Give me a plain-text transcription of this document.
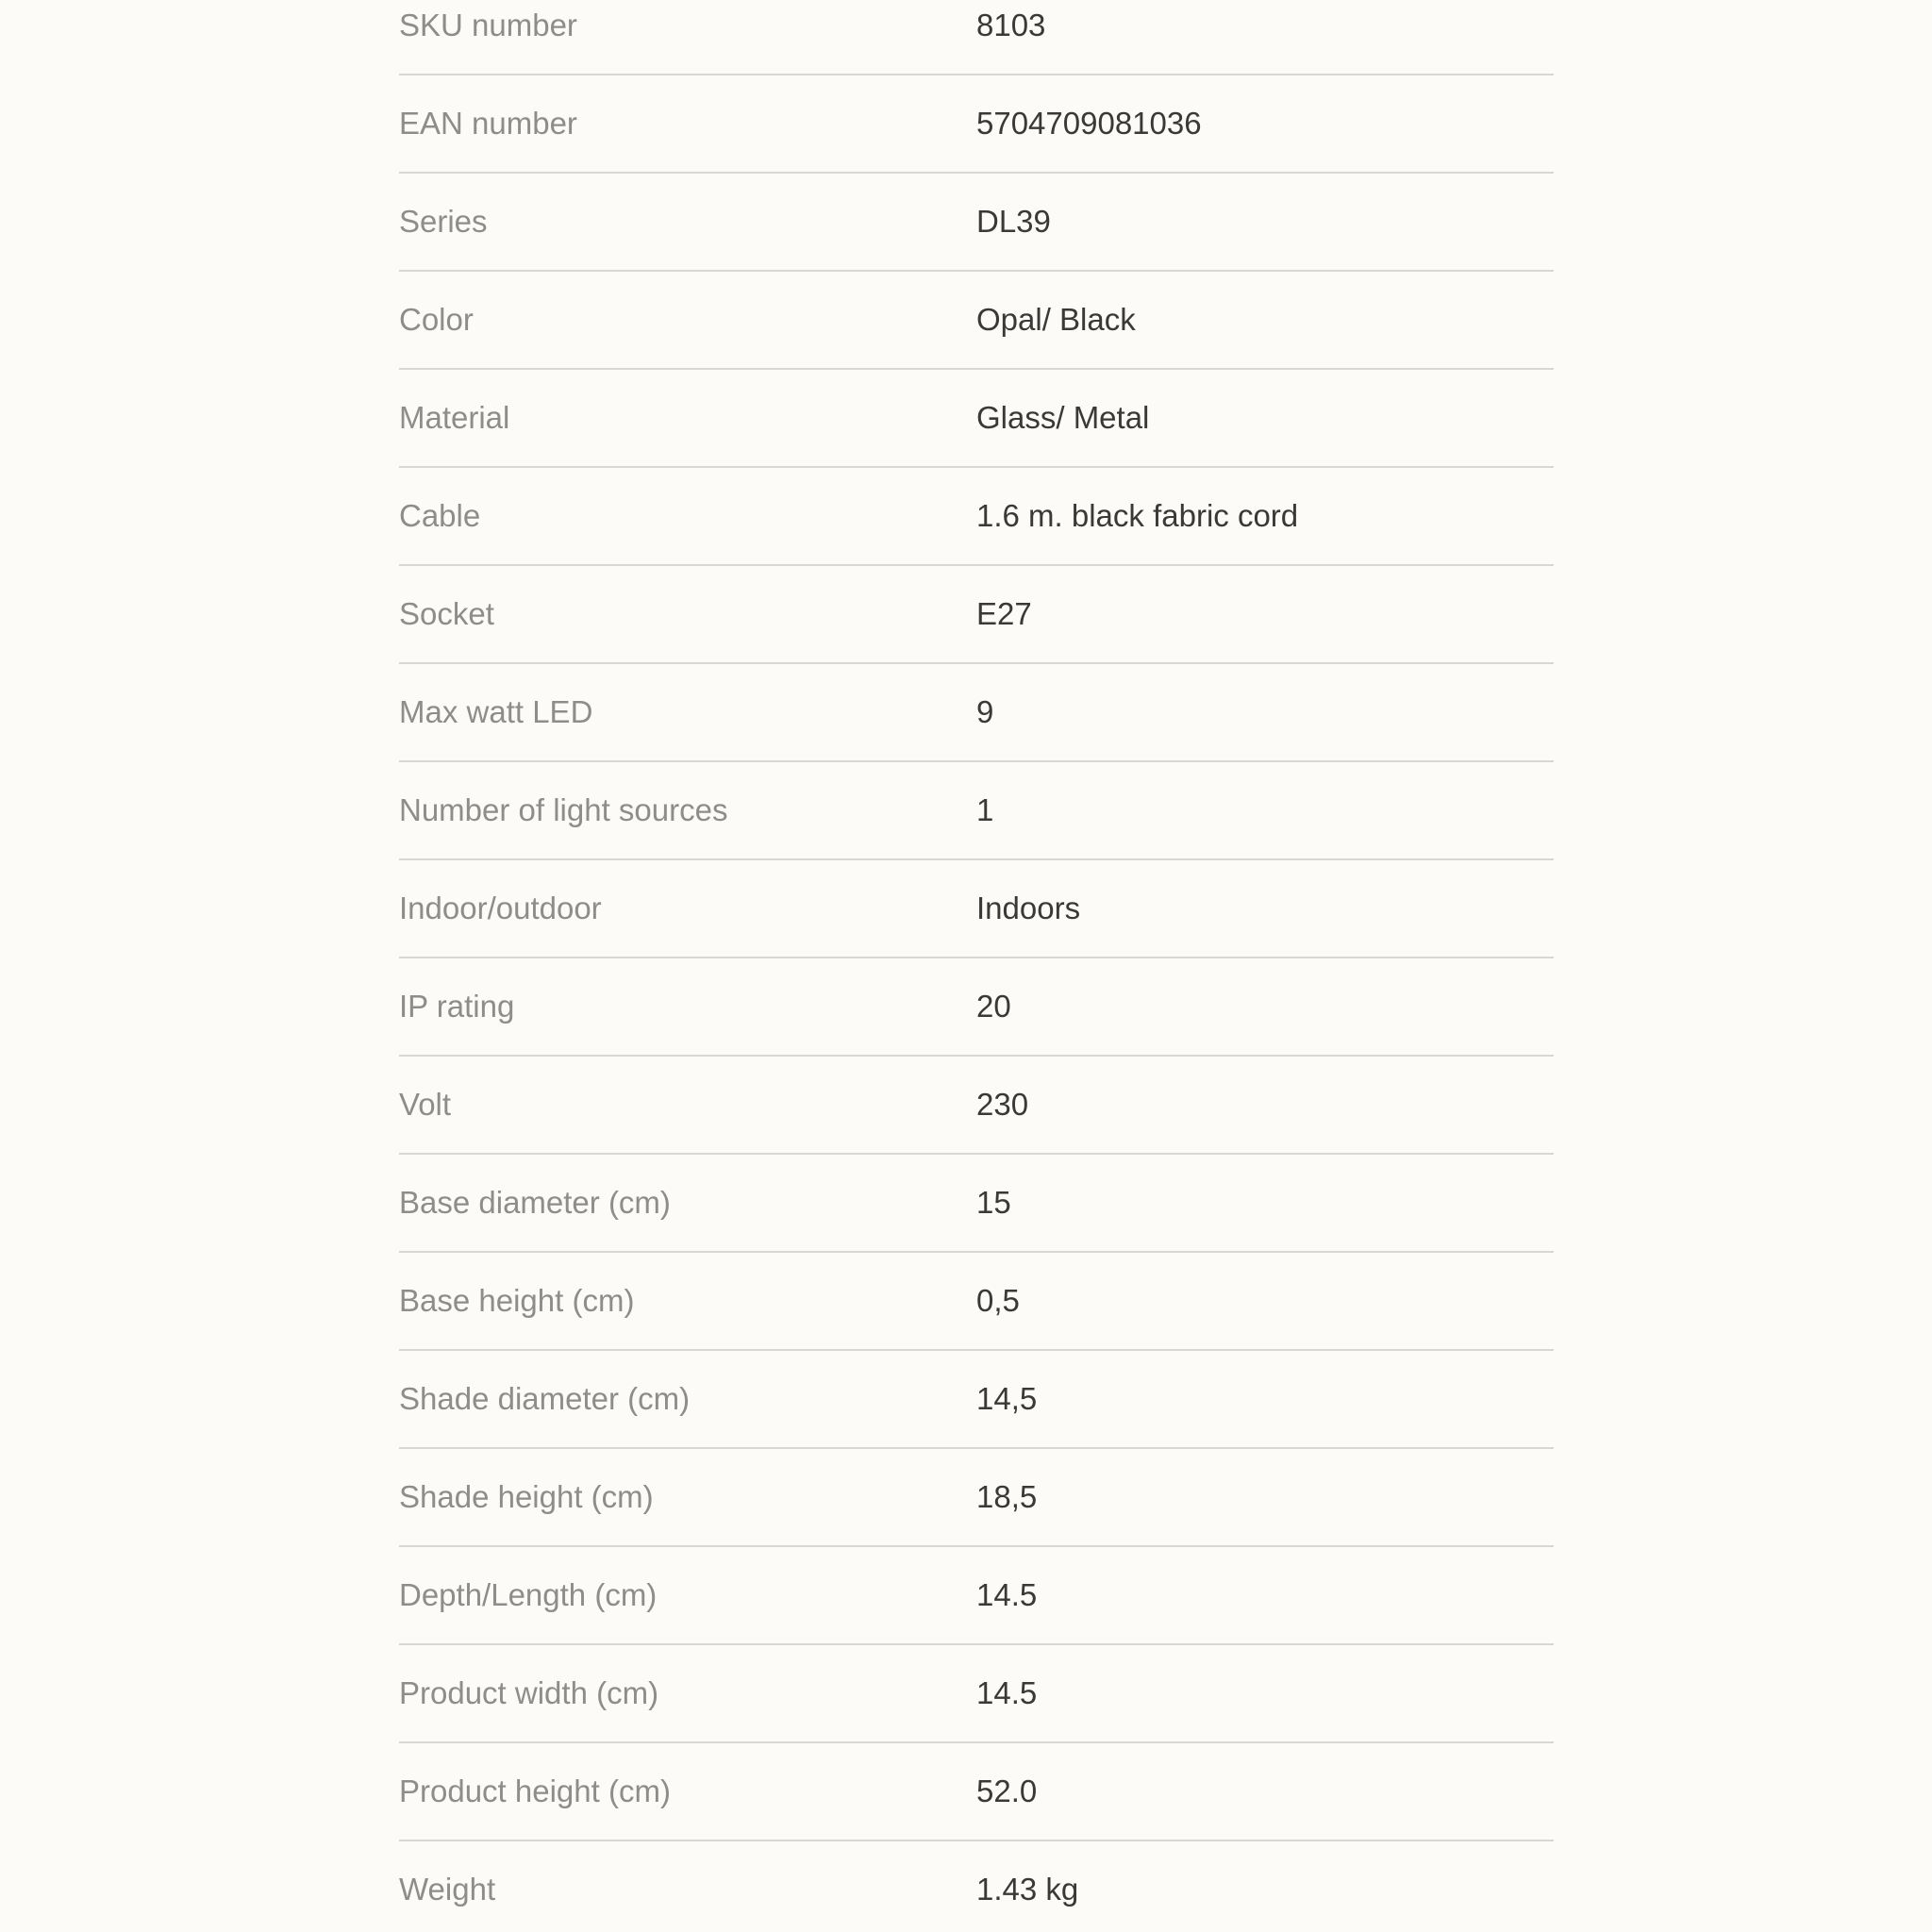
SKU number	8103
EAN number	5704709081036
Series	DL39
Color	Opal/ Black
Material	Glass/ Metal
Cable	1.6 m. black fabric cord
Socket	E27
Max watt LED	9
Number of light sources	1
Indoor/outdoor	Indoors
IP rating	20
Volt	230
Base diameter (cm)	15
Base height (cm)	0,5
Shade diameter (cm)	14,5
Shade height (cm)	18,5
Depth/Length (cm)	14.5
Product width (cm)	14.5
Product height (cm)	52.0
Weight	1.43 kg
